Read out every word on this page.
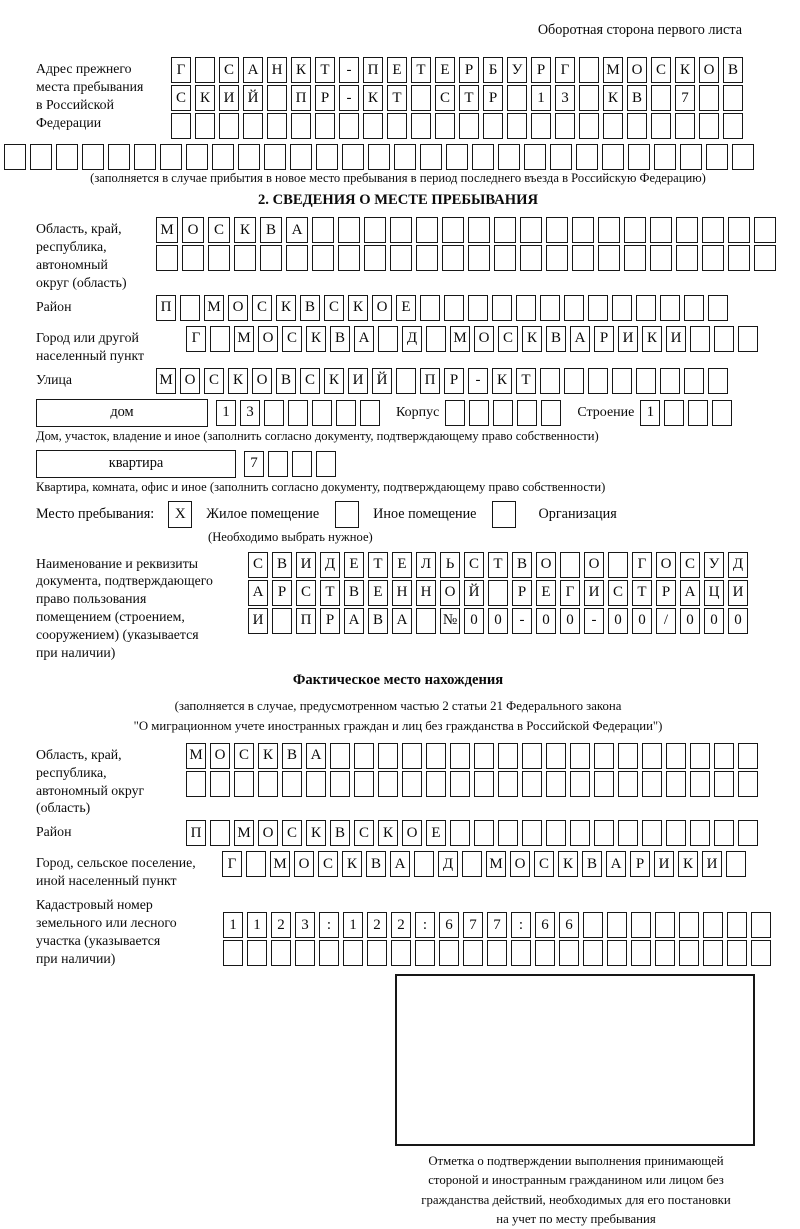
Оборотная сторона первого листа
Адрес прежнего
места пребывания
в Российской
Федерации
Г	С А Н К Т	-	П Е Т Е	Р	Б У Р	Г	М О С К О В
С К И Й	П Р	-	К Т	С Т	Р	1	3	К В	7
(заполняется в случае прибытия в новое место пребывания в период последнего въезда в Российскую Федерацию)
2. СВЕДЕНИЯ О МЕСТЕ ПРЕБЫВАНИЯ
Область, край,
республика,
автономный
округ (область)
М О	С	К	В	А
Район	П	М О С К В С К О Е
Город или другой
населенный пункт
Г	М О С К В А	Д	М О С К В А Р И К И
Улица	М О С К О В С К И Й	П Р	-	К Т
дом	1	3	Корпус	Строение 1
Дом, участок, владение и иное (заполнить согласно документу, подтверждающему право собственности)
квартира	7
Квартира, комната, офис и иное (заполнить согласно документу, подтверждающему право собственности)
Место пребывания:	X	Жилое помещение	Иное помещение	Организация
(Необходимо выбрать нужное)
Наименование и реквизиты
документа, подтверждающего
право пользования
помещением (строением,
сооружением) (указывается
при наличии)
С В И Д Е Т Е Л Ь С Т В О	О	Г О С У Д
А Р С Т В Е Н Н О Й	Р	Е	Г И С Т	Р А Ц И
И	П Р А В А	№ 0	0	-	0	0	-	0	0	/	0	0	0
Фактическое место нахождения
(заполняется в случае, предусмотренном частью 2 статьи 21 Федерального закона
"О миграционном учете иностранных граждан и лиц без гражданства в Российской Федерации")
Область, край,
республика,
автономный округ
(область)
М О С К В А
Район	П	М О С К В С К О Е
Город, сельское поселение,
иной населенный пункт
Г	М О С К В А	Д	М О С К В А Р И К И
Кадастровый номер
земельного или лесного
участка (указывается
при наличии)
1	1	2	3	:	1	2	2	:	6	7	7	:	6	6
Отметка о подтверждении выполнения принимающей
стороной и иностранным гражданином или лицом без
гражданства действий, необходимых для его постановки
на учет по месту пребывания
